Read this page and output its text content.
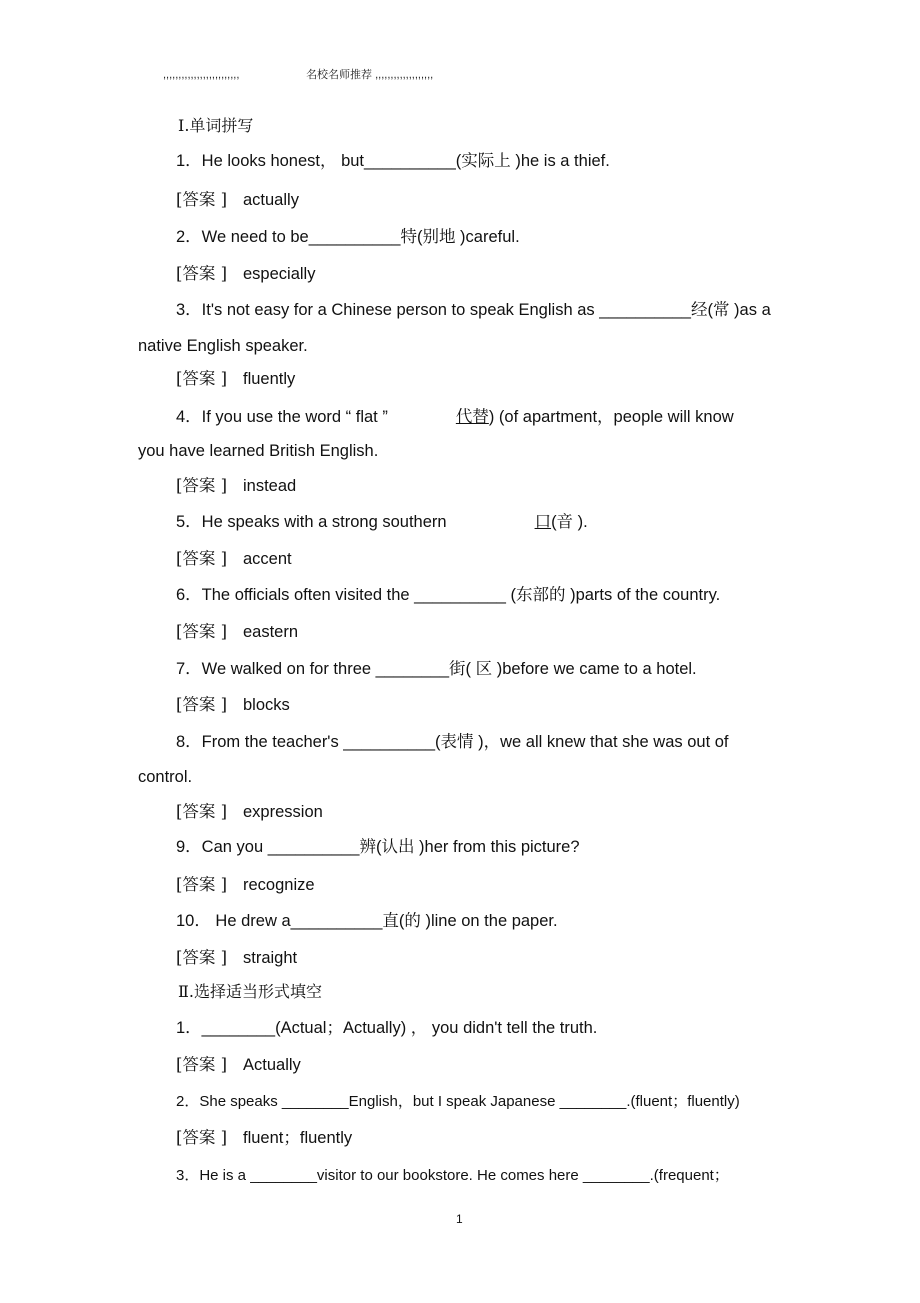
,,,,,,,,,,,,,,,,,,,,,,,,,	名校名师推荐 ,,,,,,,,,,,,,,,,,,,
Ⅰ.单词拼写
1．He looks honest， but__________(实际上 )he is a thief.
[答案 ] actually
2．We need to be__________特(别地 )careful.
[答案 ] especially
3．It's not easy for a Chinese person to speak English as __________经(常 )as a
native English speaker.
[答案 ] fluently
4．If you use the word “ flat ”	代替) (of apartment，people will know
you have learned British English.
[答案 ] instead
5．He speaks with a strong southern	口(音 ).
[答案 ] accent
6．The officials often visited the __________ (东部的 )parts of the country.
[答案 ] eastern
7．We walked on for three ________街( 区 )before we came to a hotel.
[答案 ] blocks
8．From the teacher's __________(表情 )，we all knew that she was out of
control.
[答案 ] expression
9．Can you __________辨(认出 )her from this picture?
[答案 ] recognize
10． He drew a__________直(的 )line on the paper.
[答案 ] straight
Ⅱ.选择适当形式填空
1．________(Actual；Actually) ， you didn't tell the truth.
[答案 ] Actually
2．She speaks ________English，but I speak Japanese ________.(fluent；fluently)
[答案 ] fluent；fluently
3．He is a ________visitor to our bookstore. He comes here ________.(frequent；
1
